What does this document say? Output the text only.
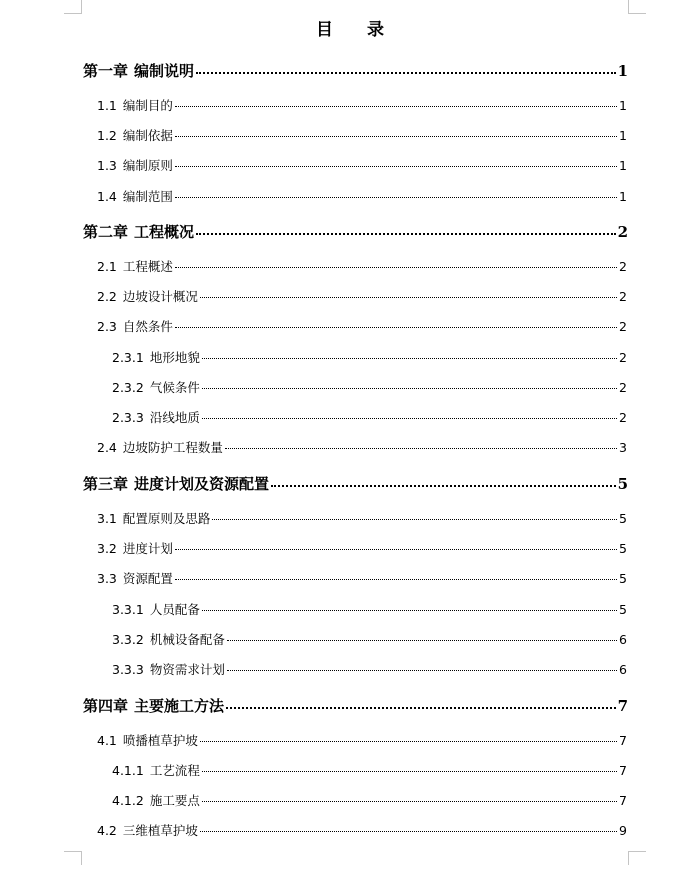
目 录
第一章 编制说明	1
1.1 编制目的	1
1.2 编制依据	1
1.3 编制原则	1
1.4 编制范围	1
第二章 工程概况	2
2.1 工程概述	2
2.2 边坡设计概况	2
2.3 自然条件	2
2.3.1 地形地貌	2
2.3.2 气候条件	2
2.3.3 沿线地质	2
2.4 边坡防护工程数量	3
第三章 进度计划及资源配置	5
3.1 配置原则及思路	5
3.2 进度计划	5
3.3 资源配置	5
3.3.1 人员配备	5
3.3.2 机械设备配备	6
3.3.3 物资需求计划	6
第四章 主要施工方法	7
4.1 喷播植草护坡	7
4.1.1 工艺流程	7
4.1.2 施工要点	7
4.2 三维植草护坡	9
